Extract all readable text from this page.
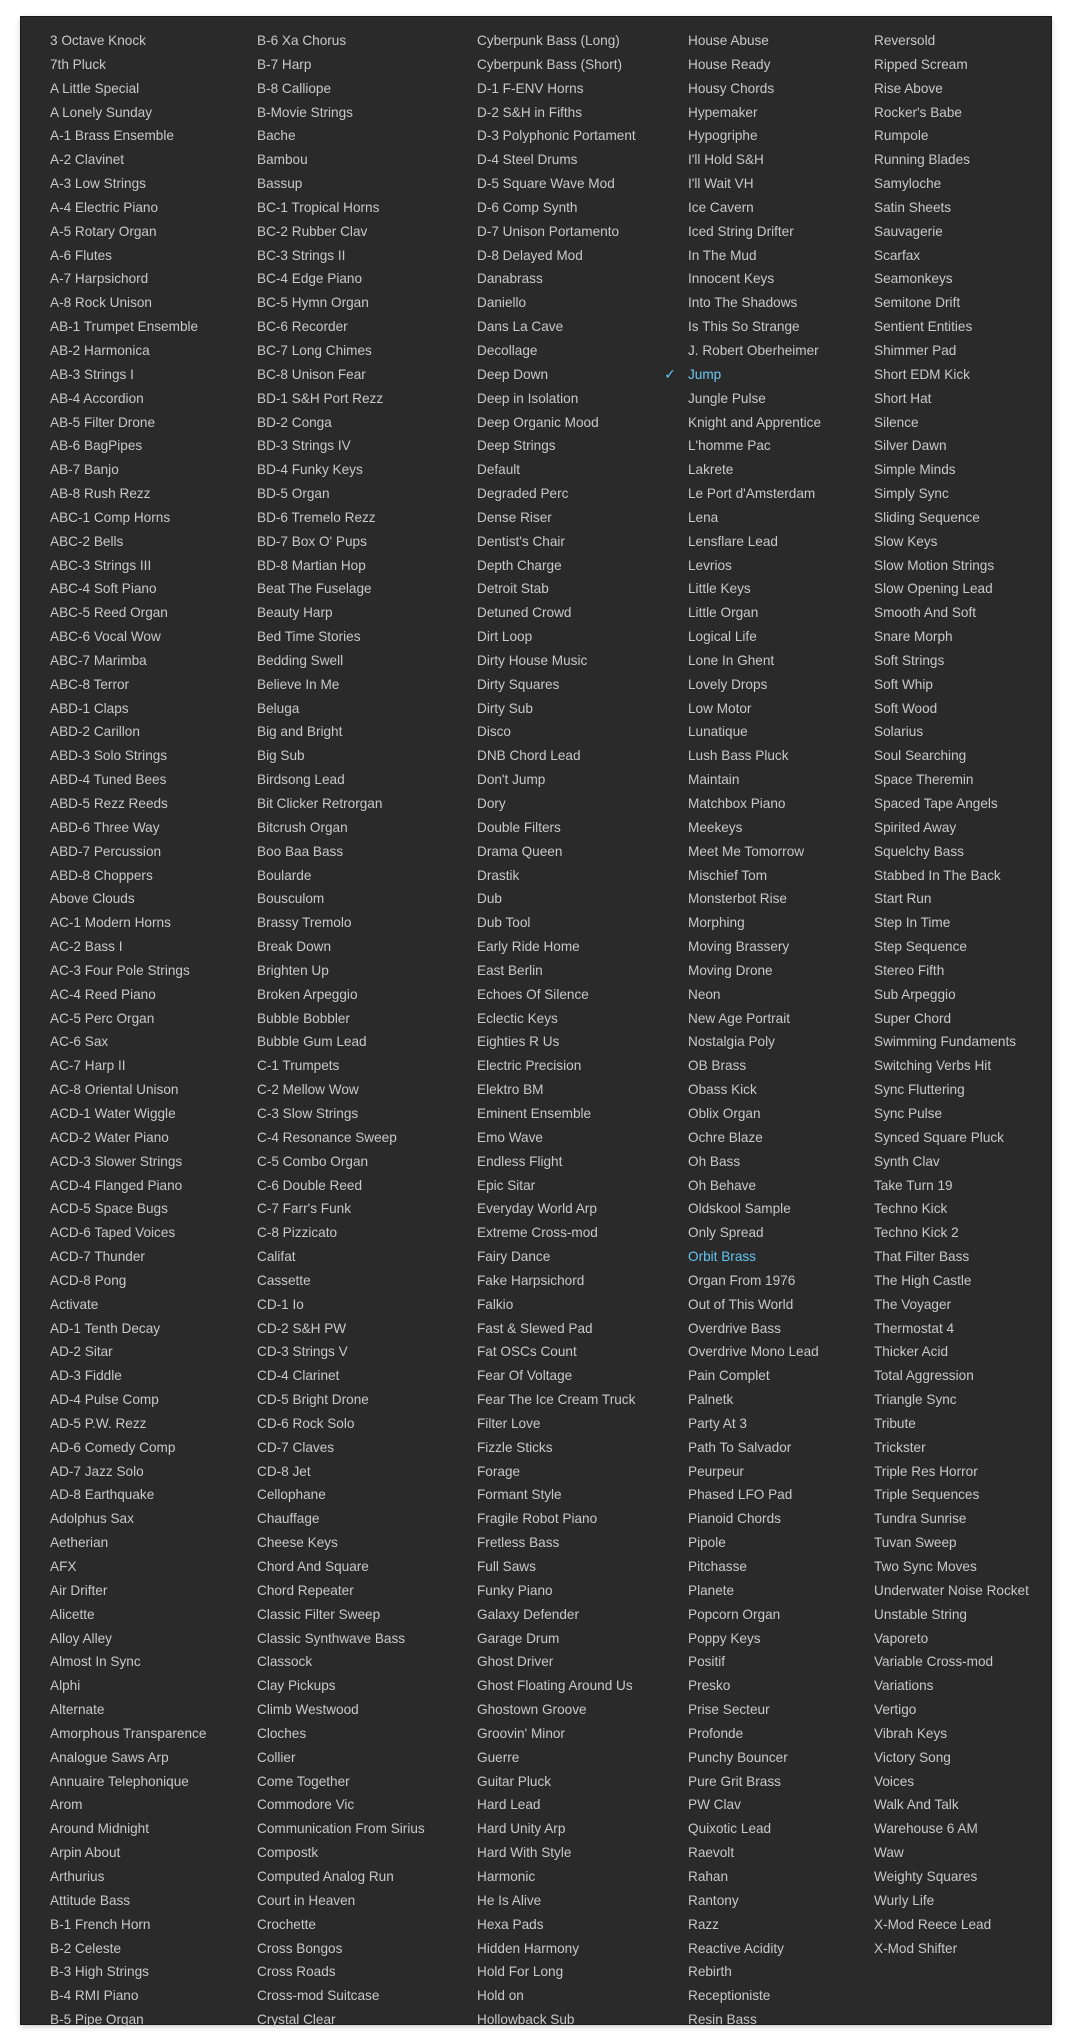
3 Octave Knock
7th Pluck
A Little Special
A Lonely Sunday
A-1 Brass Ensemble
A-2 Clavinet
A-3 Low Strings
A-4 Electric Piano
A-5 Rotary Organ
A-6 Flutes
A-7 Harpsichord
A-8 Rock Unison
AB-1 Trumpet Ensemble
AB-2 Harmonica
AB-3 Strings I
AB-4 Accordion
AB-5 Filter Drone
AB-6 BagPipes
AB-7 Banjo
AB-8 Rush Rezz
ABC-1 Comp Horns
ABC-2 Bells
ABC-3 Strings III
ABC-4 Soft Piano
ABC-5 Reed Organ
ABC-6 Vocal Wow
ABC-7 Marimba
ABC-8 Terror
ABD-1 Claps
ABD-2 Carillon
ABD-3 Solo Strings
ABD-4 Tuned Bees
ABD-5 Rezz Reeds
ABD-6 Three Way
ABD-7 Percussion
ABD-8 Choppers
Above Clouds
AC-1 Modern Horns
AC-2 Bass I
AC-3 Four Pole Strings
AC-4 Reed Piano
AC-5 Perc Organ
AC-6 Sax
AC-7 Harp II
AC-8 Oriental Unison
ACD-1 Water Wiggle
ACD-2 Water Piano
ACD-3 Slower Strings
ACD-4 Flanged Piano
ACD-5 Space Bugs
ACD-6 Taped Voices
ACD-7 Thunder
ACD-8 Pong
Activate
AD-1 Tenth Decay
AD-2 Sitar
AD-3 Fiddle
AD-4 Pulse Comp
AD-5 P.W. Rezz
AD-6 Comedy Comp
AD-7 Jazz Solo
AD-8 Earthquake
Adolphus Sax
Aetherian
AFX
Air Drifter
Alicette
Alloy Alley
Almost In Sync
Alphi
Alternate
Amorphous Transparence
Analogue Saws Arp
Annuaire Telephonique
Arom
Around Midnight
Arpin About
Arthurius
Attitude Bass
B-1 French Horn
B-2 Celeste
B-3 High Strings
B-4 RMI Piano
B-5 Pipe Organ
B-6 Xa Chorus
B-7 Harp
B-8 Calliope
B-Movie Strings
Bache
Bambou
Bassup
BC-1 Tropical Horns
BC-2 Rubber Clav
BC-3 Strings II
BC-4 Edge Piano
BC-5 Hymn Organ
BC-6 Recorder
BC-7 Long Chimes
BC-8 Unison Fear
BD-1 S&H Port Rezz
BD-2 Conga
BD-3 Strings IV
BD-4 Funky Keys
BD-5 Organ
BD-6 Tremelo Rezz
BD-7 Box O' Pups
BD-8 Martian Hop
Beat The Fuselage
Beauty Harp
Bed Time Stories
Bedding Swell
Believe In Me
Beluga
Big and Bright
Big Sub
Birdsong Lead
Bit Clicker Retrorgan
Bitcrush Organ
Boo Baa Bass
Boularde
Bousculom
Brassy Tremolo
Break Down
Brighten Up
Broken Arpeggio
Bubble Bobbler
Bubble Gum Lead
C-1 Trumpets
C-2 Mellow Wow
C-3 Slow Strings
C-4 Resonance Sweep
C-5 Combo Organ
C-6 Double Reed
C-7 Farr's Funk
C-8 Pizzicato
Califat
Cassette
CD-1 Io
CD-2 S&H PW
CD-3 Strings V
CD-4 Clarinet
CD-5 Bright Drone
CD-6 Rock Solo
CD-7 Claves
CD-8 Jet
Cellophane
Chauffage
Cheese Keys
Chord And Square
Chord Repeater
Classic Filter Sweep
Classic Synthwave Bass
Classock
Clay Pickups
Climb Westwood
Cloches
Collier
Come Together
Commodore Vic
Communication From Sirius
Compostk
Computed Analog Run
Court in Heaven
Crochette
Cross Bongos
Cross Roads
Cross-mod Suitcase
Crystal Clear
Cyberpunk Bass (Long)
Cyberpunk Bass (Short)
D-1 F-ENV Horns
D-2 S&H in Fifths
D-3 Polyphonic Portament
D-4 Steel Drums
D-5 Square Wave Mod
D-6 Comp Synth
D-7 Unison Portamento
D-8 Delayed Mod
Danabrass
Daniello
Dans La Cave
Decollage
Deep Down
Deep in Isolation
Deep Organic Mood
Deep Strings
Default
Degraded Perc
Dense Riser
Dentist's Chair
Depth Charge
Detroit Stab
Detuned Crowd
Dirt Loop
Dirty House Music
Dirty Squares
Dirty Sub
Disco
DNB Chord Lead
Don't Jump
Dory
Double Filters
Drama Queen
Drastik
Dub
Dub Tool
Early Ride Home
East Berlin
Echoes Of Silence
Eclectic Keys
Eighties R Us
Electric Precision
Elektro BM
Eminent Ensemble
Emo Wave
Endless Flight
Epic Sitar
Everyday World Arp
Extreme Cross-mod
Fairy Dance
Fake Harpsichord
Falkio
Fast & Slewed Pad
Fat OSCs Count
Fear Of Voltage
Fear The Ice Cream Truck
Filter Love
Fizzle Sticks
Forage
Formant Style
Fragile Robot Piano
Fretless Bass
Full Saws
Funky Piano
Galaxy Defender
Garage Drum
Ghost Driver
Ghost Floating Around Us
Ghostown Groove
Groovin' Minor
Guerre
Guitar Pluck
Hard Lead
Hard Unity Arp
Hard With Style
Harmonic
He Is Alive
Hexa Pads
Hidden Harmony
Hold For Long
Hold on
Hollowback Sub
House Abuse
House Ready
Housy Chords
Hypemaker
Hypogriphe
I'll Hold S&H
I'll Wait VH
Ice Cavern
Iced String Drifter
In The Mud
Innocent Keys
Into The Shadows
Is This So Strange
J. Robert Oberheimer
✓ Jump
Jungle Pulse
Knight and Apprentice
L'homme Pac
Lakrete
Le Port d'Amsterdam
Lena
Lensflare Lead
Levrios
Little Keys
Little Organ
Logical Life
Lone In Ghent
Lovely Drops
Low Motor
Lunatique
Lush Bass Pluck
Maintain
Matchbox Piano
Meekeys
Meet Me Tomorrow
Mischief Tom
Monsterbot Rise
Morphing
Moving Brassery
Moving Drone
Neon
New Age Portrait
Nostalgia Poly
OB Brass
Obass Kick
Oblix Organ
Ochre Blaze
Oh Bass
Oh Behave
Oldskool Sample
Only Spread
Orbit Brass
Organ From 1976
Out of This World
Overdrive Bass
Overdrive Mono Lead
Pain Complet
Palnetk
Party At 3
Path To Salvador
Peurpeur
Phased LFO Pad
Pianoid Chords
Pipole
Pitchasse
Planete
Popcorn Organ
Poppy Keys
Positif
Presko
Prise Secteur
Profonde
Punchy Bouncer
Pure Grit Brass
PW Clav
Quixotic Lead
Raevolt
Rahan
Rantony
Razz
Reactive Acidity
Rebirth
Receptioniste
Resin Bass
Reversold
Ripped Scream
Rise Above
Rocker's Babe
Rumpole
Running Blades
Samyloche
Satin Sheets
Sauvagerie
Scarfax
Seamonkeys
Semitone Drift
Sentient Entities
Shimmer Pad
Short EDM Kick
Short Hat
Silence
Silver Dawn
Simple Minds
Simply Sync
Sliding Sequence
Slow Keys
Slow Motion Strings
Slow Opening Lead
Smooth And Soft
Snare Morph
Soft Strings
Soft Whip
Soft Wood
Solarius
Soul Searching
Space Theremin
Spaced Tape Angels
Spirited Away
Squelchy Bass
Stabbed In The Back
Start Run
Step In Time
Step Sequence
Stereo Fifth
Sub Arpeggio
Super Chord
Swimming Fundaments
Switching Verbs Hit
Sync Fluttering
Sync Pulse
Synced Square Pluck
Synth Clav
Take Turn 19
Techno Kick
Techno Kick 2
That Filter Bass
The High Castle
The Voyager
Thermostat 4
Thicker Acid
Total Aggression
Triangle Sync
Tribute
Trickster
Triple Res Horror
Triple Sequences
Tundra Sunrise
Tuvan Sweep
Two Sync Moves
Underwater Noise Rocket
Unstable String
Vaporeto
Variable Cross-mod
Variations
Vertigo
Vibrah Keys
Victory Song
Voices
Walk And Talk
Warehouse 6 AM
Waw
Weighty Squares
Wurly Life
X-Mod Reece Lead
X-Mod Shifter
